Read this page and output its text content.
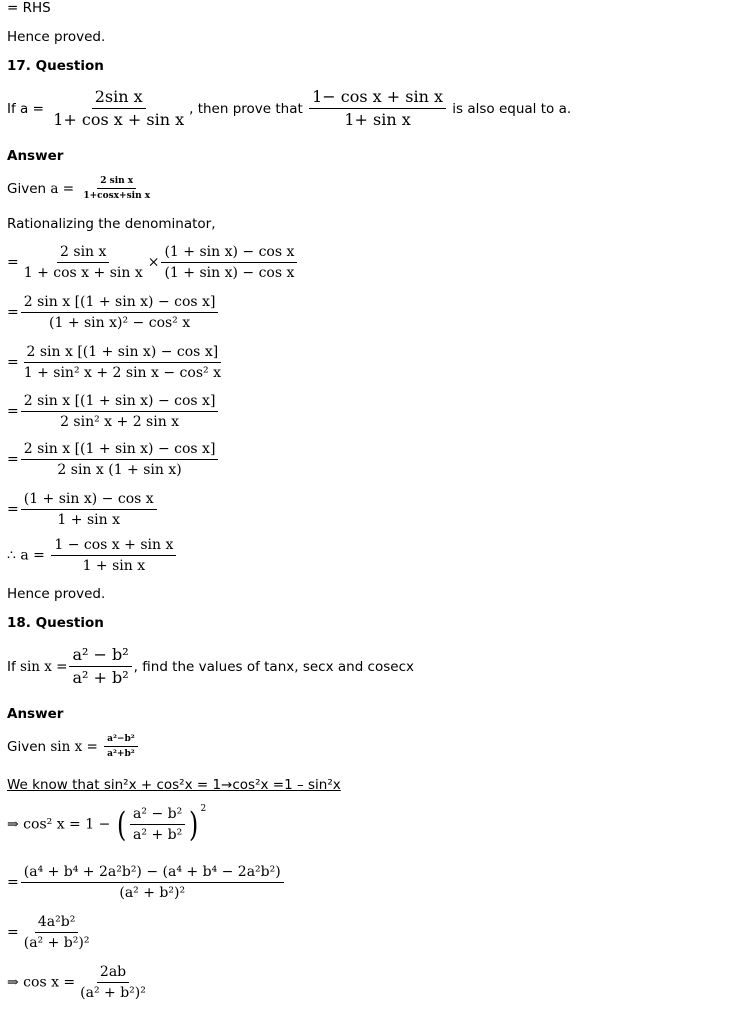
= RHS
Hence proved.
17. Question
If $a = \frac{\text{2sin x}}{\text{1+ cos x + sin x}}$ , then prove that $\frac{\text{1− cos x + sin x}}{\text{1+ sin x}}$ is also equal to a.
Answer
Given $a = \frac{\text{2 sin x}}{\text{1+cosx+sin x}}$
Rationalizing the denominator,
= $\frac{\text{2 sin x}}{\text{1 + cos x + sin x}} \times \frac{\text{(1 + sin x) − cos x}}{\text{(1 + sin x) − cos x}}$
= $\frac{\text{2 sin x [(1 + sin x) − cos x]}}{\text{(1 + sin x)² − cos² x}}$
= $\frac{\text{2 sin x [(1 + sin x) − cos x]}}{\text{1 + sin² x + 2 sin x − cos² x}}$
= $\frac{\text{2 sin x [(1 + sin x) − cos x]}}{\text{2 sin² x + 2 sin x}}$
= $\frac{\text{2 sin x [(1 + sin x) − cos x]}}{\text{2 sin x (1 + sin x)}}$
= $\frac{\text{(1 + sin x) − cos x}}{\text{1 + sin x}}$
∴ $a = \frac{\text{1 − cos x + sin x}}{\text{1 + sin x}}$
Hence proved.
18. Question
If $\sin x = \frac{\text{a² − b²}}{\text{a² + b²}}$ , find the values of tanx, secx and cosecx
Answer
Given $\sin x = \frac{\text{a²−b²}}{\text{a²+b²}}$
We know that sin²x + cos²x = 1→cos²x =1 – sin²x
⇒ cos² x = 1 − ( $\frac{\text{a² − b²}}{\text{a² + b²}}$ ) $^2$
= $\frac{\text{(a⁴ + b⁴ + 2a²b²) − (a⁴ + b⁴ − 2a²b²)}}{\text{(a² + b²)²}}$
= $\frac{\text{4a²b²}}{\text{(a² + b²)²}}$
⇒ $\cos x = \frac{2ab}{\text{(a² + b²)²}}$
